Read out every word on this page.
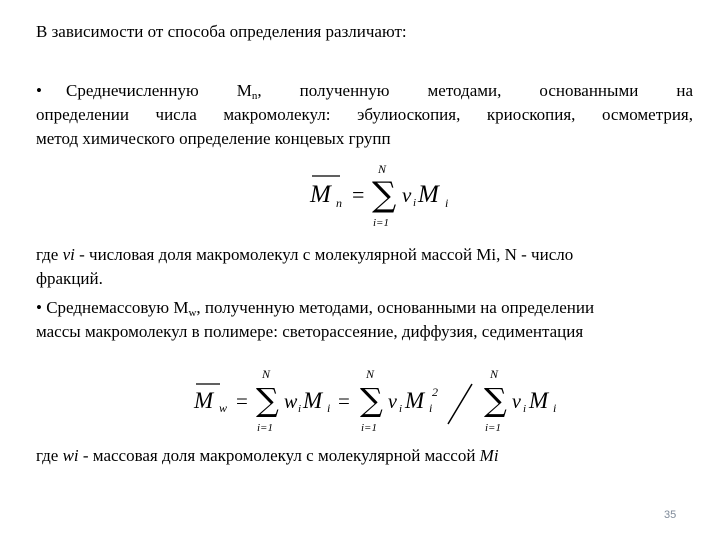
В зависимости от способа определения различают:
• Среднечисленную $M_n$, полученную методами, основанными на
определении числа макромолекул: эбулиоскопия, криоскопия, осмометрия,
метод химического определение концевых групп
M n =
N
∑
i=1
ν i M i
где νi - числовая доля макромолекул с молекулярной массой Mi, N - число
фракций.
• Среднемассовую $M_w$, полученную методами, основанными на определении
массы макромолекул в полимере: светорассеяние, диффузия, седиментация
M w =
N
∑
i=1
w i M i =
N
∑
i=1
ν i M i
2
N
∑
i=1
ν i M i
где wi - массовая доля макромолекул с молекулярной массой Mi
35
